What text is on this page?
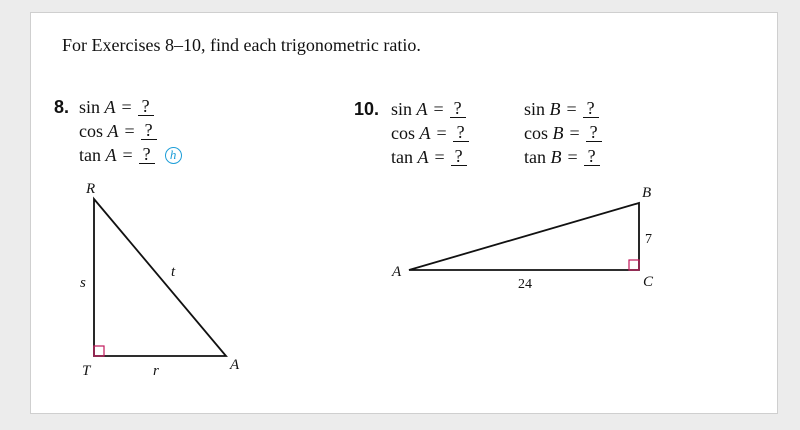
For Exercises 8–10, find each trigonometric ratio.
8. sin
A = ?
cos
A = ?
tan
A = ?	h
10. sin
A = ?
cos
A = ?
tan
A = ?
sin
B = ?
cos
B = ?
tan
B = ?
R
T	A
s
t
r
A
B
C
7
24
